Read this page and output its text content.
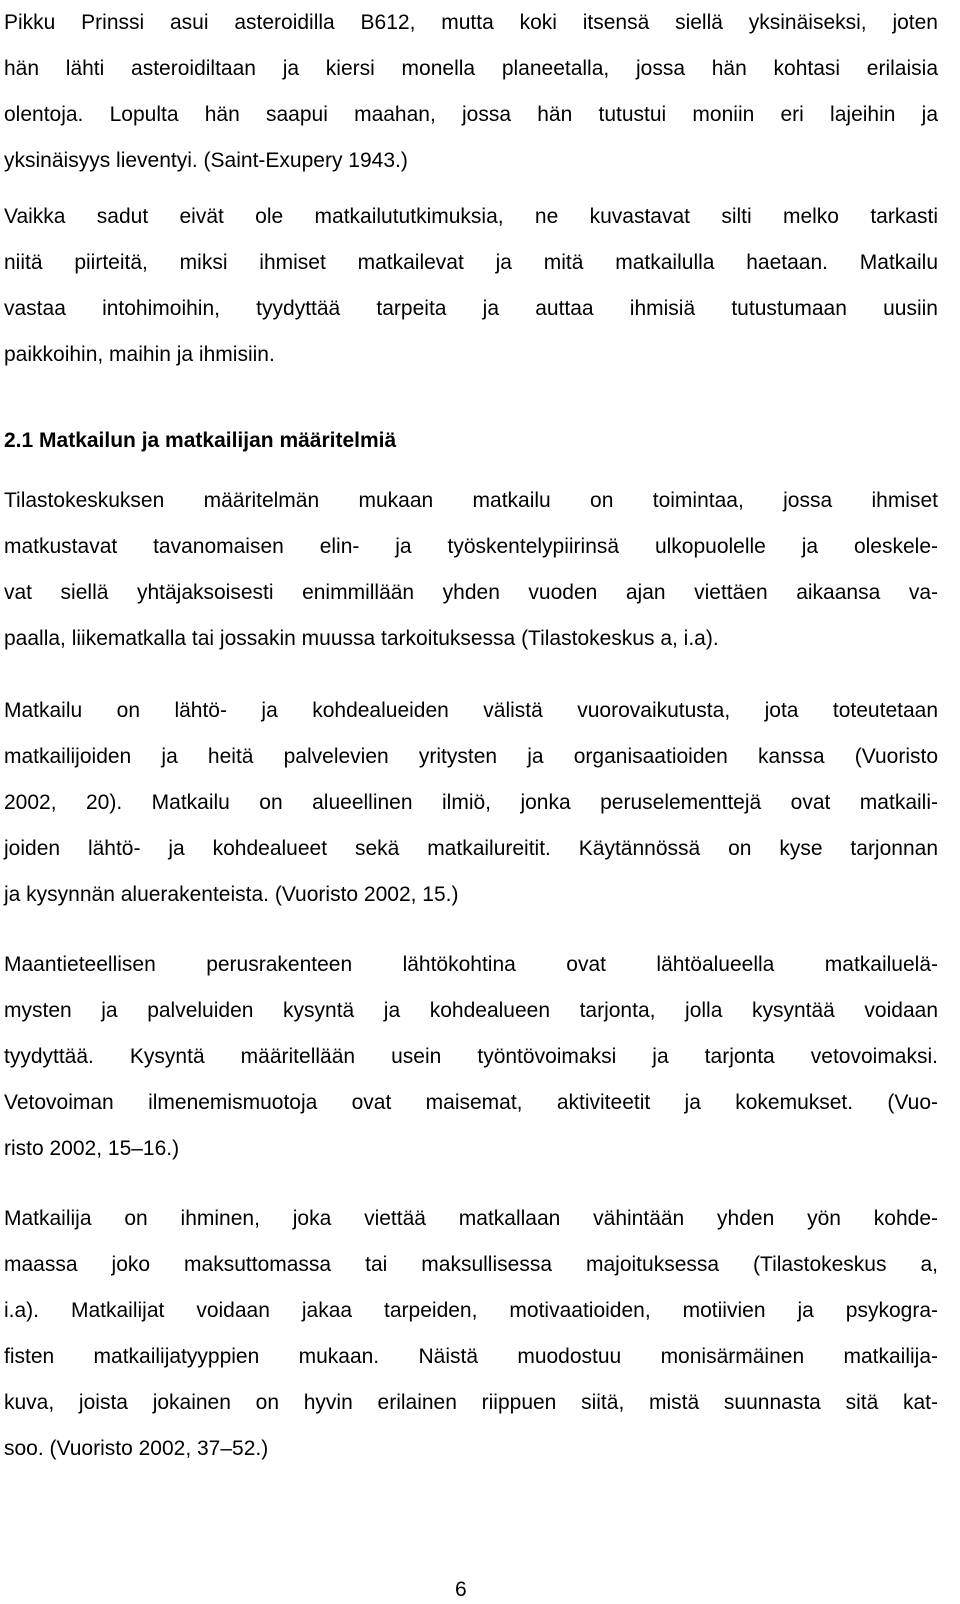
Pikku Prinssi asui asteroidilla B612, mutta koki itsensä siellä yksinäiseksi, joten
hän lähti asteroidiltaan ja kiersi monella planeetalla, jossa hän kohtasi erilaisia
olentoja. Lopulta hän saapui maahan, jossa hän tutustui moniin eri lajeihin ja
yksinäisyys lieventyi. (Saint-Exupery 1943.)
Vaikka sadut eivät ole matkailututkimuksia, ne kuvastavat silti melko tarkasti
niitä piirteitä, miksi ihmiset matkailevat ja mitä matkailulla haetaan. Matkailu
vastaa intohimoihin, tyydyttää tarpeita ja auttaa ihmisiä tutustumaan uusiin
paikkoihin, maihin ja ihmisiin.
2.1 Matkailun ja matkailijan määritelmiä
Tilastokeskuksen määritelmän mukaan matkailu on toimintaa, jossa ihmiset
matkustavat tavanomaisen elin- ja työskentelypiirinsä ulkopuolelle ja oleskele-
vat siellä yhtäjaksoisesti enimmillään yhden vuoden ajan viettäen aikaansa va-
paalla, liikematkalla tai jossakin muussa tarkoituksessa (Tilastokeskus a, i.a).
Matkailu on lähtö- ja kohdealueiden välistä vuorovaikutusta, jota toteutetaan
matkailijoiden ja heitä palvelevien yritysten ja organisaatioiden kanssa (Vuoristo
2002, 20). Matkailu on alueellinen ilmiö, jonka peruselementtejä ovat matkaili-
joiden lähtö- ja kohdealueet sekä matkailureitit. Käytännössä on kyse tarjonnan
ja kysynnän aluerakenteista. (Vuoristo 2002, 15.)
Maantieteellisen perusrakenteen lähtökohtina ovat lähtöalueella matkailuelä-
mysten ja palveluiden kysyntä ja kohdealueen tarjonta, jolla kysyntää voidaan
tyydyttää. Kysyntä määritellään usein työntövoimaksi ja tarjonta vetovoimaksi.
Vetovoiman ilmenemismuotoja ovat maisemat, aktiviteetit ja kokemukset. (Vuo-
risto 2002, 15–16.)
Matkailija on ihminen, joka viettää matkallaan vähintään yhden yön kohde-
maassa joko maksuttomassa tai maksullisessa majoituksessa (Tilastokeskus a,
i.a). Matkailijat voidaan jakaa tarpeiden, motivaatioiden, motiivien ja psykogra-
fisten matkailijatyyppien mukaan. Näistä muodostuu monisärmäinen matkailija-
kuva, joista jokainen on hyvin erilainen riippuen siitä, mistä suunnasta sitä kat-
soo. (Vuoristo 2002, 37–52.)

6
